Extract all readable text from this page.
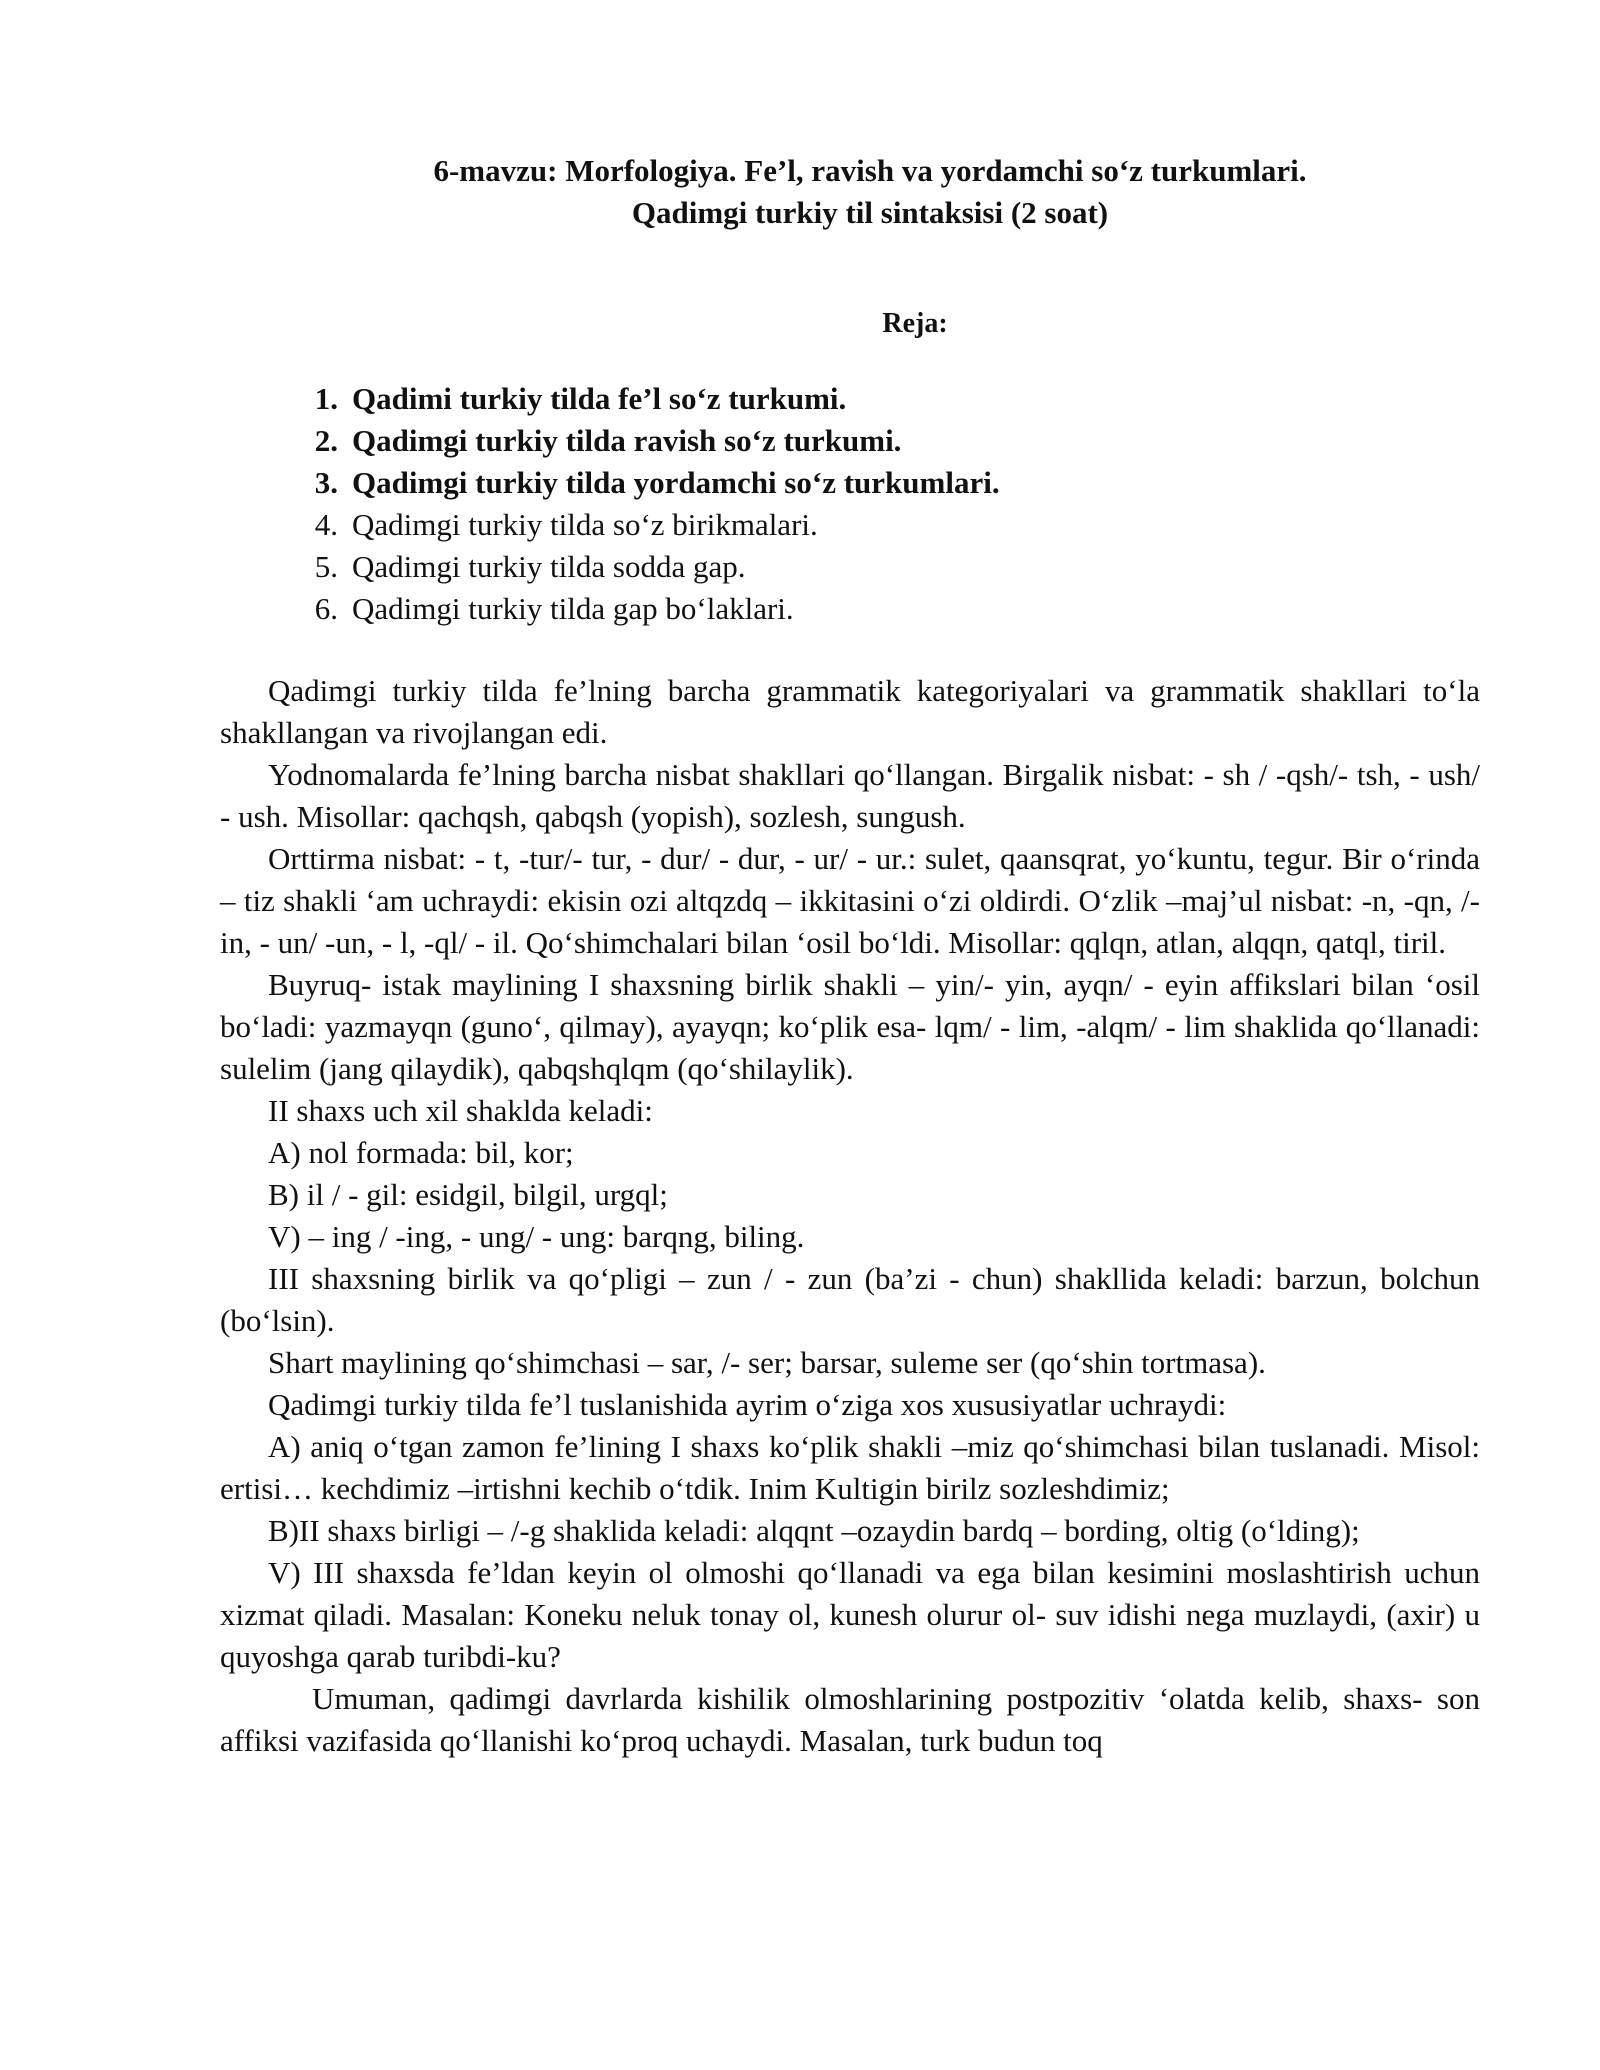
6-mavzu: Morfologiya. Fe’l, ravish va yordamchi so‘z turkumlari.

Qadimgi turkiy til sintaksisi (2 soat)

Reja:

1. Qadimi turkiy tilda fe’l so‘z turkumi.
2. Qadimgi turkiy tilda ravish so‘z turkumi.
3. Qadimgi turkiy tilda yordamchi so‘z turkumlari.
4. Qadimgi turkiy tilda so‘z birikmalari.
5. Qadimgi turkiy tilda sodda gap.
6. Qadimgi turkiy tilda gap bo‘laklari.

Qadimgi turkiy tilda fe’lning barcha grammatik kategoriyalari va grammatik shakllari to‘la shakllangan va rivojlangan edi.

Yodnomalarda fe’lning barcha nisbat shakllari qo‘llangan. Birgalik nisbat: - sh / -qsh/- tsh, - ush/ - ush. Misollar: qachqsh, qabqsh (yopish), sozlesh, sungush.

Orttirma nisbat: - t, -tur/- tur, - dur/ - dur, - ur/ - ur.: sulet, qaansqrat, yo‘kuntu, tegur. Bir o‘rinda – tiz shakli ‘am uchraydi: ekisin ozi altqzdq – ikkitasini o‘zi oldirdi. O‘zlik –maj’ul nisbat: -n, -qn, /- in, - un/ -un, - l, -ql/ - il. Qo‘shimchalari bilan ‘osil bo‘ldi. Misollar: qqlqn, atlan, alqqn, qatql, tiril.

Buyruq- istak maylining I shaxsning birlik shakli – yin/- yin, ayqn/ - eyin affikslari bilan ‘osil bo‘ladi: yazmayqn (guno‘, qilmay), ayayqn; ko‘plik esa- lqm/ - lim, -alqm/ - lim shaklida qo‘llanadi: sulelim (jang qilaydik), qabqshqlqm (qo‘shilaylik).

II shaxs uch xil shaklda keladi:

A) nol formada: bil, kor;

B) il / - gil: esidgil, bilgil, urgql;

V) – ing / -ing, - ung/ - ung: barqng, biling.

III shaxsning birlik va qo‘pligi – zun / - zun (ba’zi - chun) shakllida keladi: barzun, bolchun (bo‘lsin).

Shart maylining qo‘shimchasi – sar, /- ser; barsar, suleme ser (qo‘shin tortmasa).

Qadimgi turkiy tilda fe’l tuslanishida ayrim o‘ziga xos xususiyatlar uchraydi:

A) aniq o‘tgan zamon fe’lining I shaxs ko‘plik shakli –miz qo‘shimchasi bilan tuslanadi. Misol: ertisi… kechdimiz –irtishni kechib o‘tdik. Inim Kultigin birilz sozleshdimiz;

B)II shaxs birligi – /-g shaklida keladi: alqqnt –ozaydin bardq – bording, oltig (o‘lding);

V) III shaxsda fe’ldan keyin ol olmoshi qo‘llanadi va ega bilan kesimini moslashtirish uchun xizmat qiladi. Masalan: Koneku neluk tonay ol, kunesh olurur ol- suv idishi nega muzlaydi, (axir) u quyoshga qarab turibdi-ku?

Umuman, qadimgi davrlarda kishilik olmoshlarining postpozitiv ‘olatda kelib, shaxs- son affiksi vazifasida qo‘llanishi ko‘proq uchaydi. Masalan, turk budun toq
